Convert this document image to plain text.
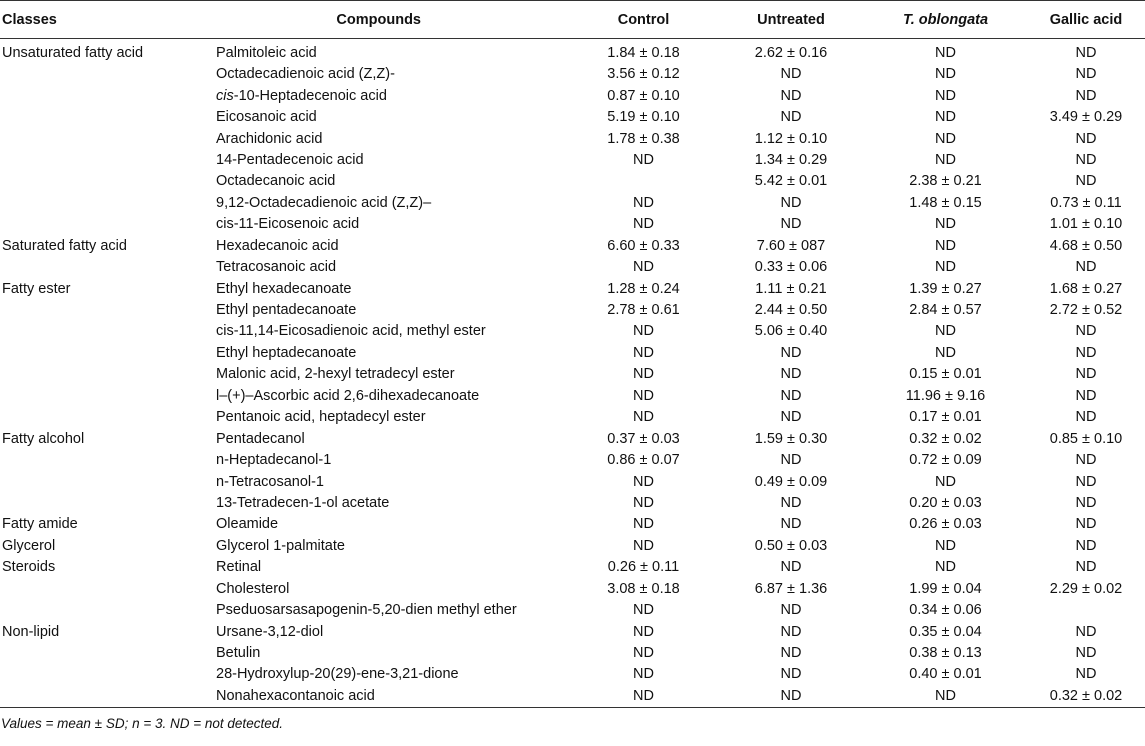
Classes	Compounds	Control	Untreated	T. oblongata	Gallic acid
Unsaturated fatty acid	Palmitoleic acid	1.84 ± 0.18	2.62 ± 0.16	ND	ND
	Octadecadienoic acid (Z,Z)-	3.56 ± 0.12	ND	ND	ND
	cis-10-Heptadecenoic acid	0.87 ± 0.10	ND	ND	ND
	Eicosanoic acid	5.19 ± 0.10	ND	ND	3.49 ± 0.29
	Arachidonic acid	1.78 ± 0.38	1.12 ± 0.10	ND	ND
	14-Pentadecenoic acid	ND	1.34 ± 0.29	ND	ND
	Octadecanoic acid		5.42 ± 0.01	2.38 ± 0.21	ND
	9,12-Octadecadienoic acid (Z,Z)–	ND	ND	1.48 ± 0.15	0.73 ± 0.11
	cis-11-Eicosenoic acid	ND	ND	ND	1.01 ± 0.10
Saturated fatty acid	Hexadecanoic acid	6.60 ± 0.33	7.60 ± 087	ND	4.68 ± 0.50
	Tetracosanoic acid	ND	0.33 ± 0.06	ND	ND
Fatty ester	Ethyl hexadecanoate	1.28 ± 0.24	1.11 ± 0.21	1.39 ± 0.27	1.68 ± 0.27
	Ethyl pentadecanoate	2.78 ± 0.61	2.44 ± 0.50	2.84 ± 0.57	2.72 ± 0.52
	cis-11,14-Eicosadienoic acid, methyl ester	ND	5.06 ± 0.40	ND	ND
	Ethyl heptadecanoate	ND	ND	ND	ND
	Malonic acid, 2-hexyl tetradecyl ester	ND	ND	0.15 ± 0.01	ND
	l–(+)–Ascorbic acid 2,6-dihexadecanoate	ND	ND	11.96 ± 9.16	ND
	Pentanoic acid, heptadecyl ester	ND	ND	0.17 ± 0.01	ND
Fatty alcohol	Pentadecanol	0.37 ± 0.03	1.59 ± 0.30	0.32 ± 0.02	0.85 ± 0.10
	n-Heptadecanol-1	0.86 ± 0.07	ND	0.72 ± 0.09	ND
	n-Tetracosanol-1	ND	0.49 ± 0.09	ND	ND
	13-Tetradecen-1-ol acetate	ND	ND	0.20 ± 0.03	ND
Fatty amide	Oleamide	ND	ND	0.26 ± 0.03	ND
Glycerol	Glycerol 1-palmitate	ND	0.50 ± 0.03	ND	ND
Steroids	Retinal	0.26 ± 0.11	ND	ND	ND
	Cholesterol	3.08 ± 0.18	6.87 ± 1.36	1.99 ± 0.04	2.29 ± 0.02
	Pseduosarsasapogenin-5,20-dien methyl ether	ND	ND	0.34 ± 0.06	
Non-lipid	Ursane-3,12-diol	ND	ND	0.35 ± 0.04	ND
	Betulin	ND	ND	0.38 ± 0.13	ND
	28-Hydroxylup-20(29)-ene-3,21-dione	ND	ND	0.40 ± 0.01	ND
	Nonahexacontanoic acid	ND	ND	ND	0.32 ± 0.02
Values = mean ± SD; n = 3. ND = not detected.
